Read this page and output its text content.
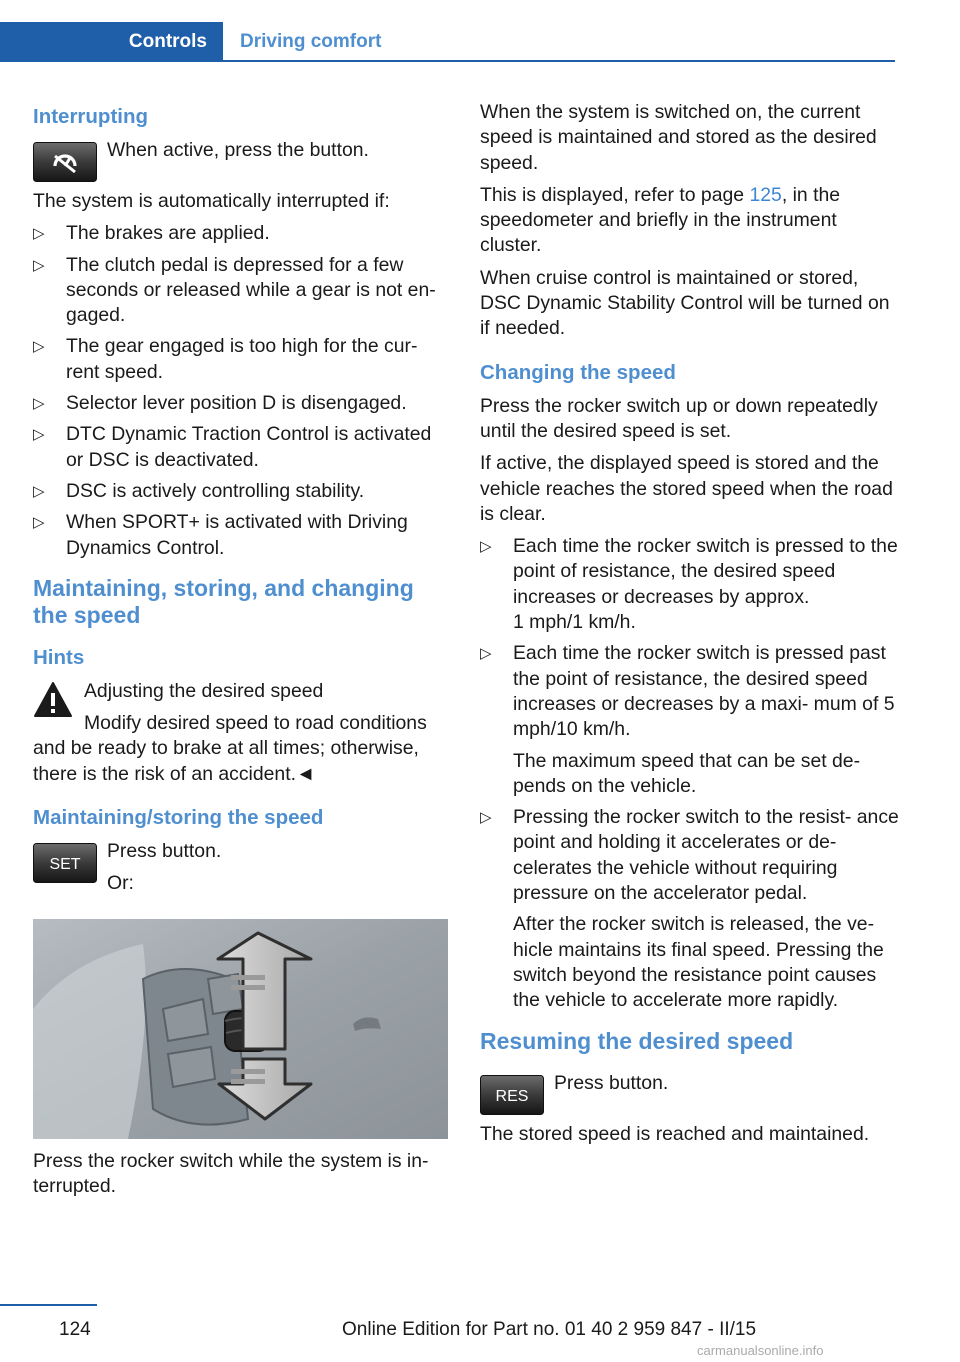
Controls Driving comfort
Interrupting
When active, press the button.

The system is automatically interrupted if:

▷ The brakes are applied.
▷ The clutch pedal is depressed for a few seconds or released while a gear is not en‐ gaged.
▷ The gear engaged is too high for the cur‐ rent speed.
▷ Selector lever position D is disengaged.
▷ DTC Dynamic Traction Control is activated or DSC is deactivated.
▷ DSC is actively controlling stability.
▷ When SPORT+ is activated with Driving Dynamics Control.
Maintaining, storing, and changing the speed
Hints

Adjusting the desired speed

Modify desired speed to road conditions and be ready to brake at all times; otherwise, there is the risk of an accident.◄

Maintaining/storing the speed
SET

Press button.

Or:

Press the rocker switch while the system is in‐ terrupted.

When the system is switched on, the current speed is maintained and stored as the desired speed.

This is displayed, refer to page 125, in the speedometer and briefly in the instrument cluster.

When cruise control is maintained or stored, DSC Dynamic Stability Control will be turned on if needed.

Changing the speed

Press the rocker switch up or down repeatedly until the desired speed is set.

If active, the displayed speed is stored and the vehicle reaches the stored speed when the road is clear.

▷ Each time the rocker switch is pressed to the point of resistance, the desired speed increases or decreases by approx.
1 mph/1 km/h.
▷ Each time the rocker switch is pressed past the point of resistance, the desired speed increases or decreases by a maxi‐ mum of 5 mph/10 km/h.
The maximum speed that can be set de‐ pends on the vehicle.
▷ Pressing the rocker switch to the resist‐ ance point and holding it accelerates or de‐ celerates the vehicle without requiring pressure on the accelerator pedal.
After the rocker switch is released, the ve‐ hicle maintains its final speed. Pressing the switch beyond the resistance point causes the vehicle to accelerate more rapidly.
Resuming the desired speed
RES
Press button.

The stored speed is reached and maintained.

124	Online Edition for Part no. 01 40 2 959 847 - II/15
carmanualsonline.info
